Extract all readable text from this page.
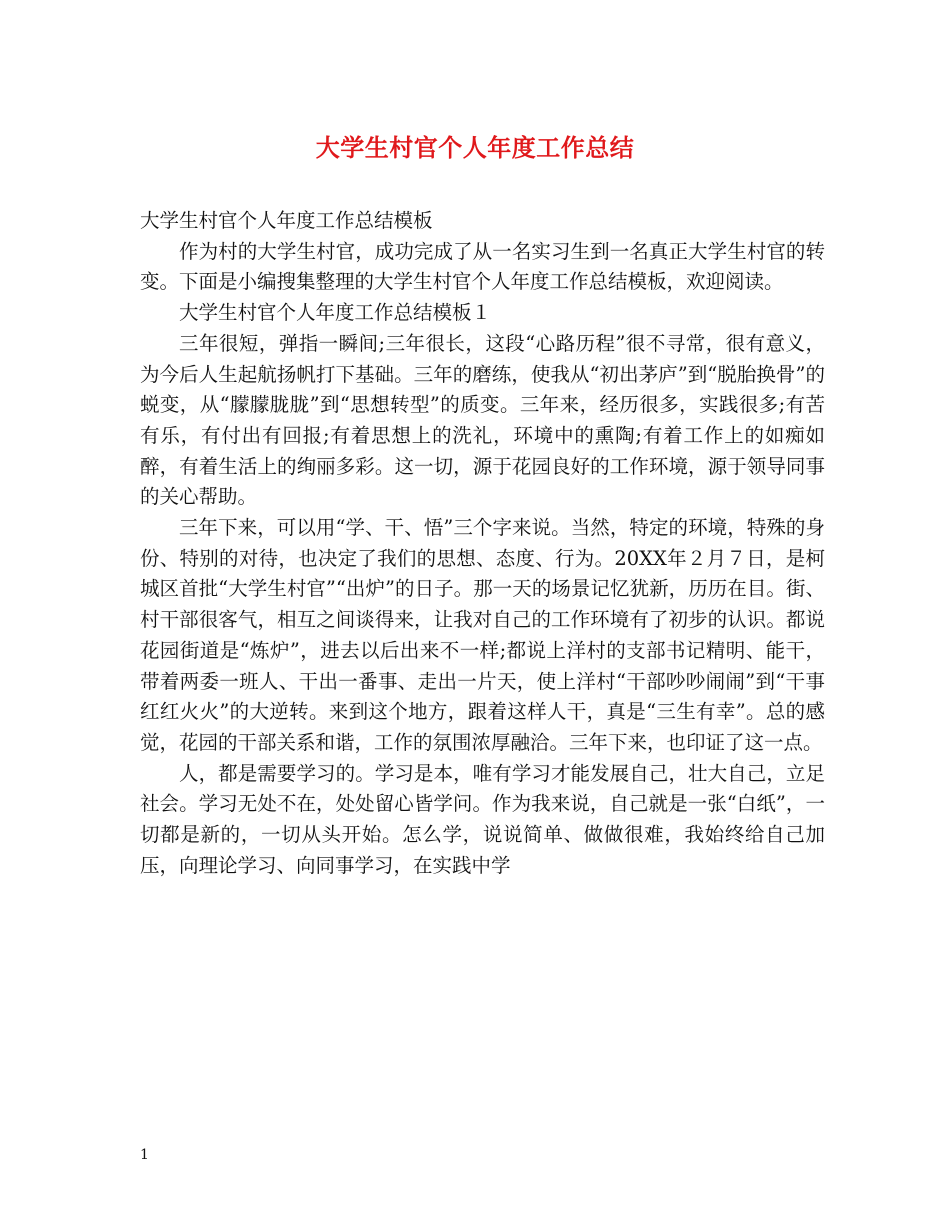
大学生村官个人年度工作总结

大学生村官个人年度工作总结模板

作为村的大学生村官，成功完成了从一名实习生到一名真正大学生村官的转变。下面是小编搜集整理的大学生村官个人年度工作总结模板，欢迎阅读。

大学生村官个人年度工作总结模板１

三年很短，弹指一瞬间;三年很长，这段“心路历程”很不寻常，很有意义，为今后人生起航扬帆打下基础。三年的磨练，使我从“初出茅庐”到“脱胎换骨”的蜕变，从“朦朦胧胧”到“思想转型”的质变。三年来，经历很多，实践很多;有苦有乐，有付出有回报;有着思想上的洗礼，环境中的熏陶;有着工作上的如痴如醉，有着生活上的绚丽多彩。这一切，源于花园良好的工作环境，源于领导同事的关心帮助。

三年下来，可以用“学、干、悟”三个字来说。当然，特定的环境，特殊的身份、特别的对待，也决定了我们的思想、态度、行为。20XX年２月７日，是柯城区首批“大学生村官”“出炉”的日子。那一天的场景记忆犹新，历历在目。街、村干部很客气，相互之间谈得来，让我对自己的工作环境有了初步的认识。都说花园街道是“炼炉”，进去以后出来不一样;都说上洋村的支部书记精明、能干，带着两委一班人、干出一番事、走出一片天，使上洋村“干部吵吵闹闹”到“干事红红火火”的大逆转。来到这个地方，跟着这样人干，真是“三生有幸”。总的感觉，花园的干部关系和谐，工作的氛围浓厚融洽。三年下来，也印证了这一点。

人，都是需要学习的。学习是本，唯有学习才能发展自己，壮大自己，立足社会。学习无处不在，处处留心皆学问。作为我来说，自己就是一张“白纸”，一切都是新的，一切从头开始。怎么学，说说简单、做做很难，我始终给自己加压，向理论学习、向同事学习，在实践中学

1
